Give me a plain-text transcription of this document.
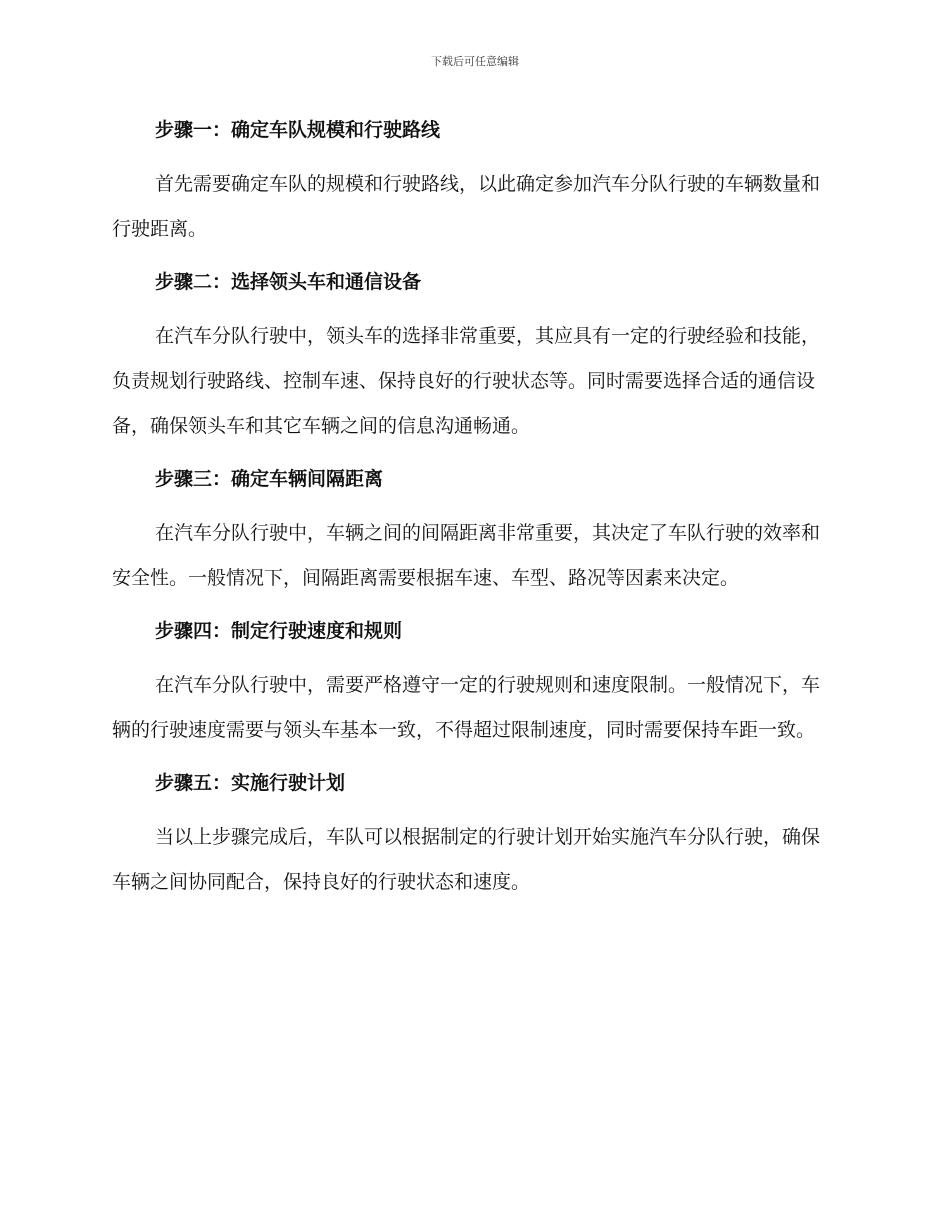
下载后可任意编辑

步骤一：确定车队规模和行驶路线

首先需要确定车队的规模和行驶路线，以此确定参加汽车分队行驶的车辆数量和行驶距离。

步骤二：选择领头车和通信设备

在汽车分队行驶中，领头车的选择非常重要，其应具有一定的行驶经验和技能，负责规划行驶路线、控制车速、保持良好的行驶状态等。同时需要选择合适的通信设备，确保领头车和其它车辆之间的信息沟通畅通。

步骤三：确定车辆间隔距离

在汽车分队行驶中，车辆之间的间隔距离非常重要，其决定了车队行驶的效率和安全性。一般情况下，间隔距离需要根据车速、车型、路况等因素来决定。

步骤四：制定行驶速度和规则

在汽车分队行驶中，需要严格遵守一定的行驶规则和速度限制。一般情况下，车辆的行驶速度需要与领头车基本一致，不得超过限制速度，同时需要保持车距一致。

步骤五：实施行驶计划

当以上步骤完成后，车队可以根据制定的行驶计划开始实施汽车分队行驶，确保车辆之间协同配合，保持良好的行驶状态和速度。
